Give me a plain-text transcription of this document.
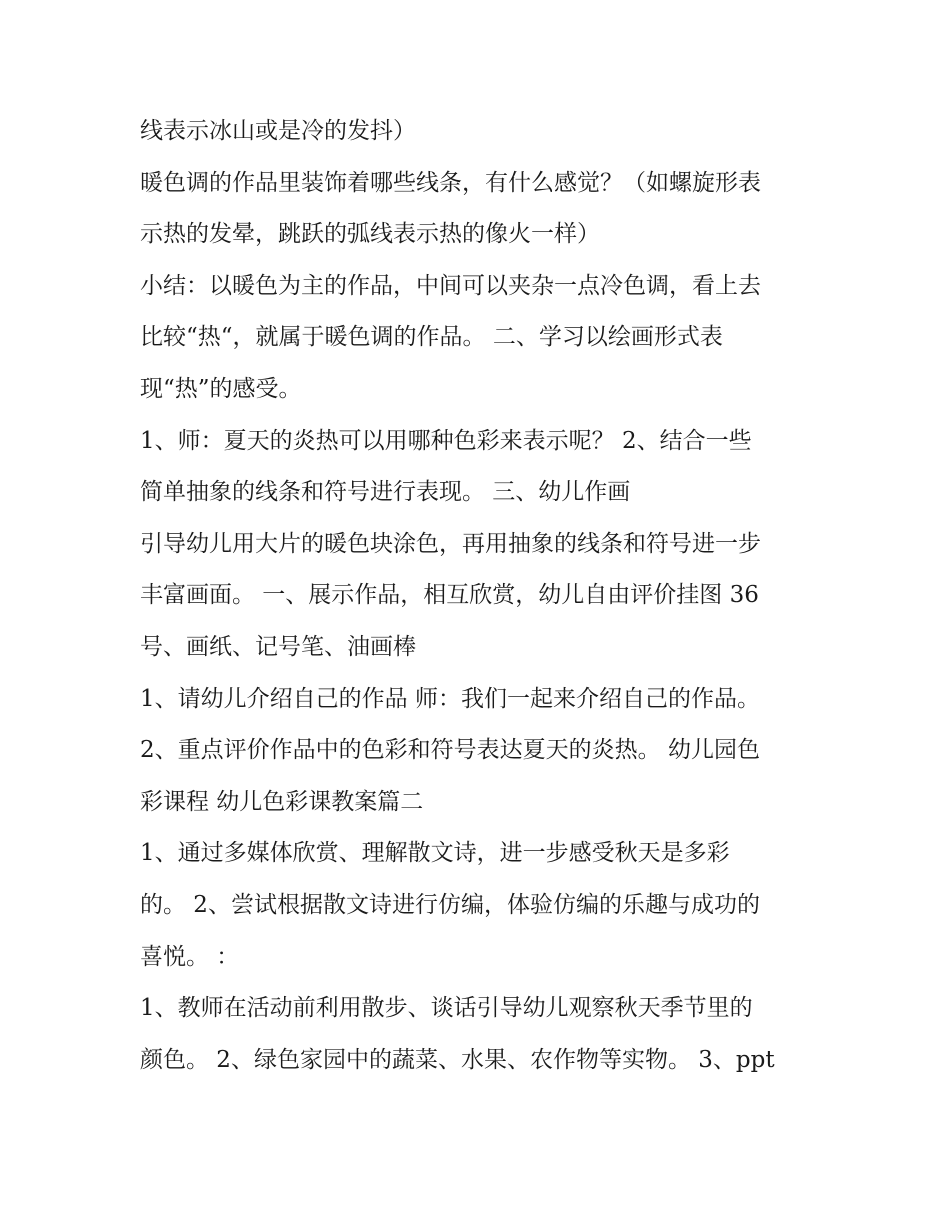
线表示冰山或是冷的发抖）
暖色调的作品里装饰着哪些线条，有什么感觉？（如螺旋形表
示热的发晕，跳跃的弧线表示热的像火一样）
小结：以暖色为主的作品，中间可以夹杂一点冷色调，看上去
比较“热“，就属于暖色调的作品。 二、学习以绘画形式表
现“热”的感受。
1、师：夏天的炎热可以用哪种色彩来表示呢？ 2、结合一些
简单抽象的线条和符号进行表现。 三、幼儿作画
引导幼儿用大片的暖色块涂色，再用抽象的线条和符号进一步
丰富画面。 一、展示作品，相互欣赏，幼儿自由评价挂图 36
号、画纸、记号笔、油画棒
1、请幼儿介绍自己的作品 师：我们一起来介绍自己的作品。
2、重点评价作品中的色彩和符号表达夏天的炎热。 幼儿园色
彩课程 幼儿色彩课教案篇二
1、通过多媒体欣赏、理解散文诗，进一步感受秋天是多彩
的。 2、尝试根据散文诗进行仿编，体验仿编的乐趣与成功的
喜悦。 ：
1、教师在活动前利用散步、谈话引导幼儿观察秋天季节里的
颜色。 2、绿色家园中的蔬菜、水果、农作物等实物。 3、ppt
